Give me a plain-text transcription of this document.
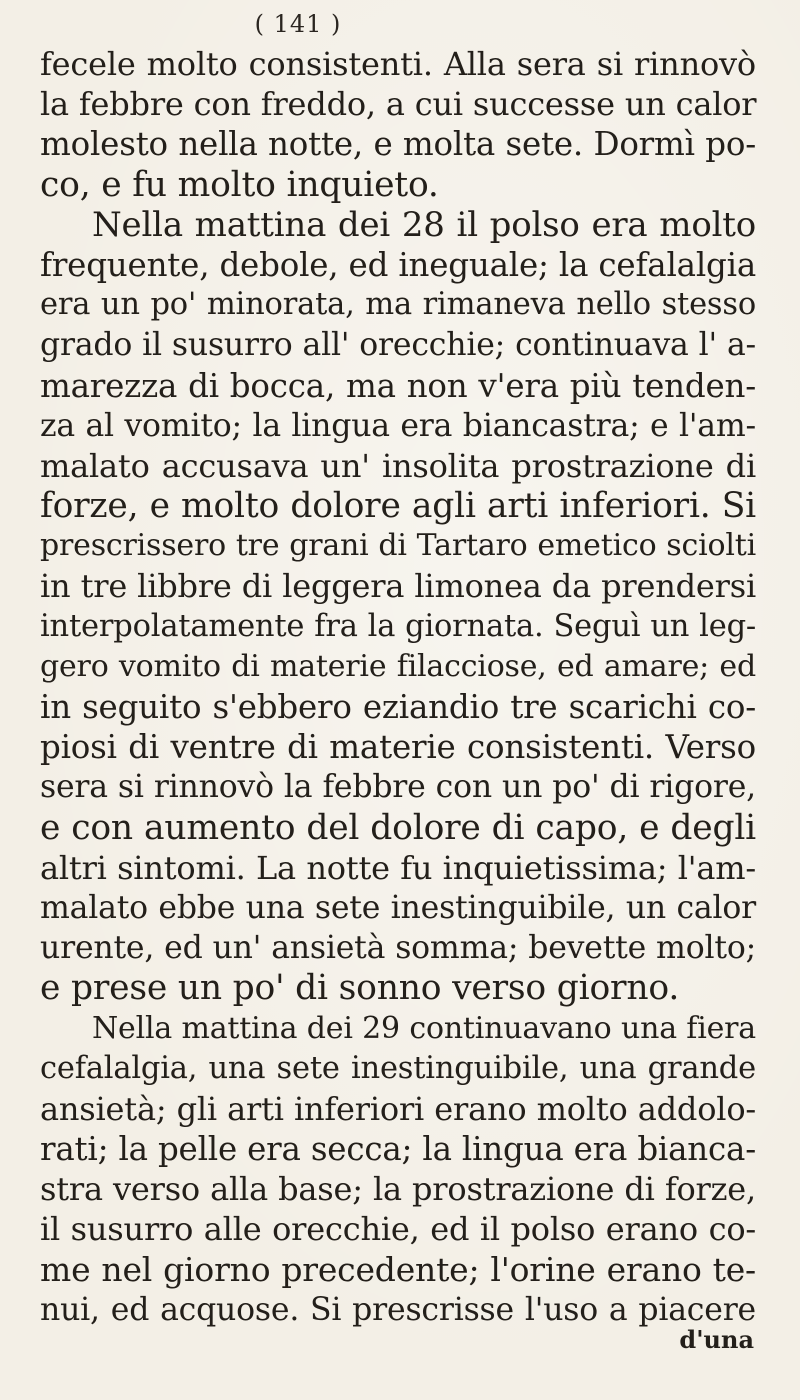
( 141 )
fecele molto consistenti. Alla sera si rinnovò
la febbre con freddo, a cui successe un calor
molesto nella notte, e molta sete. Dormì po-
co, e fu molto inquieto.
Nella mattina dei 28 il polso era molto
frequente, debole, ed ineguale; la cefalalgia
era un po' minorata, ma rimaneva nello stesso
grado il susurro all' orecchie; continuava l' a-
marezza di bocca, ma non v'era più tenden-
za al vomito; la lingua era biancastra; e l'am-
malato accusava un' insolita prostrazione di
forze, e molto dolore agli arti inferiori. Si
prescrissero tre grani di Tartaro emetico sciolti
in tre libbre di leggera limonea da prendersi
interpolatamente fra la giornata. Seguì un leg-
gero vomito di materie filacciose, ed amare; ed
in seguito s'ebbero eziandio tre scarichi co-
piosi di ventre di materie consistenti. Verso
sera si rinnovò la febbre con un po' di rigore,
e con aumento del dolore di capo, e degli
altri sintomi. La notte fu inquietissima; l'am-
malato ebbe una sete inestinguibile, un calor
urente, ed un' ansietà somma; bevette molto;
e prese un po' di sonno verso giorno.
Nella mattina dei 29 continuavano una fiera
cefalalgia, una sete inestinguibile, una grande
ansietà; gli arti inferiori erano molto addolo-
rati; la pelle era secca; la lingua era bianca-
stra verso alla base; la prostrazione di forze,
il susurro alle orecchie, ed il polso erano co-
me nel giorno precedente; l'orine erano te-
nui, ed acquose. Si prescrisse l'uso a piacere
d'una
